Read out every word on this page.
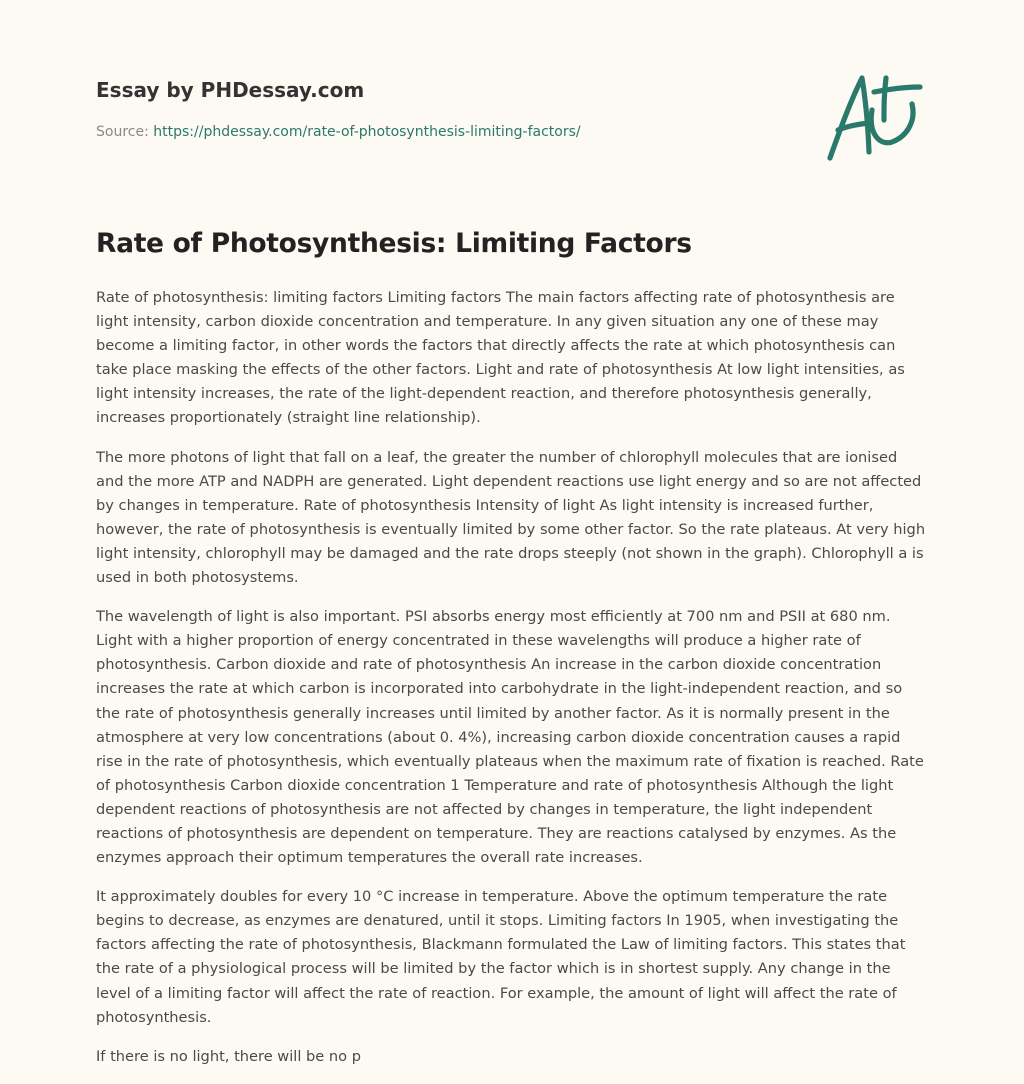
Essay by PHDessay.com
Source: https://phdessay.com/rate-of-photosynthesis-limiting-factors/
Rate of Photosynthesis: Limiting Factors

Rate of photosynthesis: limiting factors Limiting factors The main factors affecting rate of photosynthesis are light intensity, carbon dioxide concentration and temperature. In any given situation any one of these may become a limiting factor, in other words the factors that directly affects the rate at which photosynthesis can take place masking the effects of the other factors. Light and rate of photosynthesis At low light intensities, as light intensity increases, the rate of the light-dependent reaction, and therefore photosynthesis generally, increases proportionately (straight line relationship).

The more photons of light that fall on a leaf, the greater the number of chlorophyll molecules that are ionised and the more ATP and NADPH are generated. Light dependent reactions use light energy and so are not affected by changes in temperature. Rate of photosynthesis Intensity of light As light intensity is increased further, however, the rate of photosynthesis is eventually limited by some other factor. So the rate plateaus. At very high light intensity, chlorophyll may be damaged and the rate drops steeply (not shown in the graph). Chlorophyll a is used in both photosystems.

The wavelength of light is also important. PSI absorbs energy most efficiently at 700 nm and PSII at 680 nm. Light with a higher proportion of energy concentrated in these wavelengths will produce a higher rate of photosynthesis. Carbon dioxide and rate of photosynthesis An increase in the carbon dioxide concentration increases the rate at which carbon is incorporated into carbohydrate in the light-independent reaction, and so the rate of photosynthesis generally increases until limited by another factor. As it is normally present in the atmosphere at very low concentrations (about 0. 4%), increasing carbon dioxide concentration causes a rapid rise in the rate of photosynthesis, which eventually plateaus when the maximum rate of fixation is reached. Rate of photosynthesis Carbon dioxide concentration 1 Temperature and rate of photosynthesis Although the light dependent reactions of photosynthesis are not affected by changes in temperature, the light independent reactions of photosynthesis are dependent on temperature. They are reactions catalysed by enzymes. As the enzymes approach their optimum temperatures the overall rate increases.

It approximately doubles for every 10 °C increase in temperature. Above the optimum temperature the rate begins to decrease, as enzymes are denatured, until it stops. Limiting factors In 1905, when investigating the factors affecting the rate of photosynthesis, Blackmann formulated the Law of limiting factors. This states that the rate of a physiological process will be limited by the factor which is in shortest supply. Any change in the level of a limiting factor will affect the rate of reaction. For example, the amount of light will affect the rate of photosynthesis.

If there is no light, there will be no p
